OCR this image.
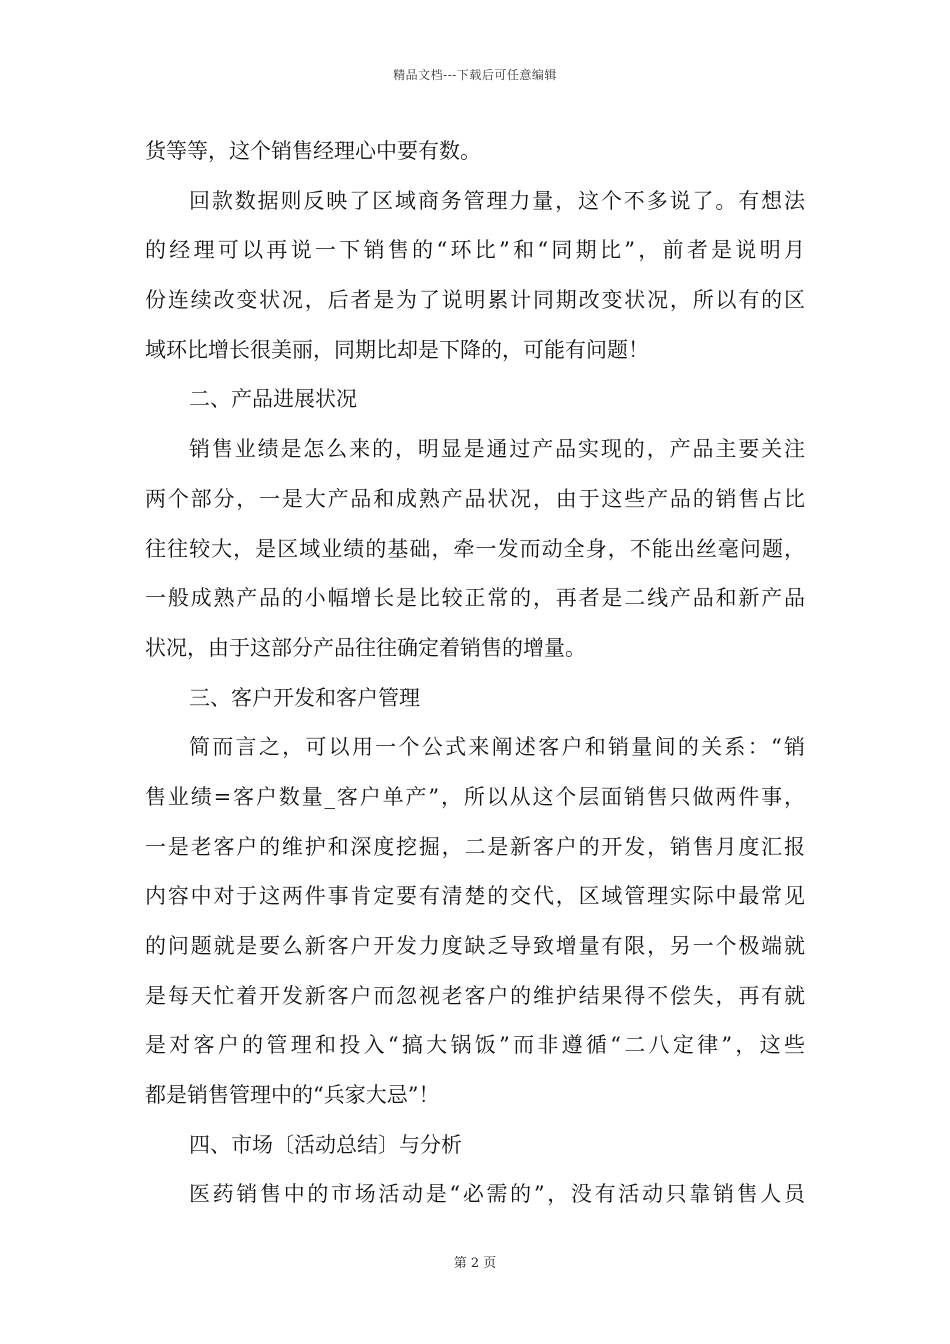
精品文档---下载后可任意编辑
货等等，这个销售经理心中要有数。
回款数据则反映了区域商务管理力量，这个不多说了。有想法
的经理可以再说一下销售的“环比”和“同期比”，前者是说明月
份连续改变状况，后者是为了说明累计同期改变状况，所以有的区
域环比增长很美丽，同期比却是下降的，可能有问题！
二、产品进展状况
销售业绩是怎么来的，明显是通过产品实现的，产品主要关注
两个部分，一是大产品和成熟产品状况，由于这些产品的销售占比
往往较大，是区域业绩的基础，牵一发而动全身，不能出丝毫问题，
一般成熟产品的小幅增长是比较正常的，再者是二线产品和新产品
状况，由于这部分产品往往确定着销售的增量。
三、客户开发和客户管理
简而言之，可以用一个公式来阐述客户和销量间的关系：“销
售业绩=客户数量_客户单产”，所以从这个层面销售只做两件事，
一是老客户的维护和深度挖掘，二是新客户的开发，销售月度汇报
内容中对于这两件事肯定要有清楚的交代，区域管理实际中最常见
的问题就是要么新客户开发力度缺乏导致增量有限，另一个极端就
是每天忙着开发新客户而忽视老客户的维护结果得不偿失，再有就
是对客户的管理和投入“搞大锅饭”而非遵循“二八定律”，这些
都是销售管理中的“兵家大忌”！
四、市场〔活动总结〕与分析
医药销售中的市场活动是“必需的”，没有活动只靠销售人员
第 2 页
